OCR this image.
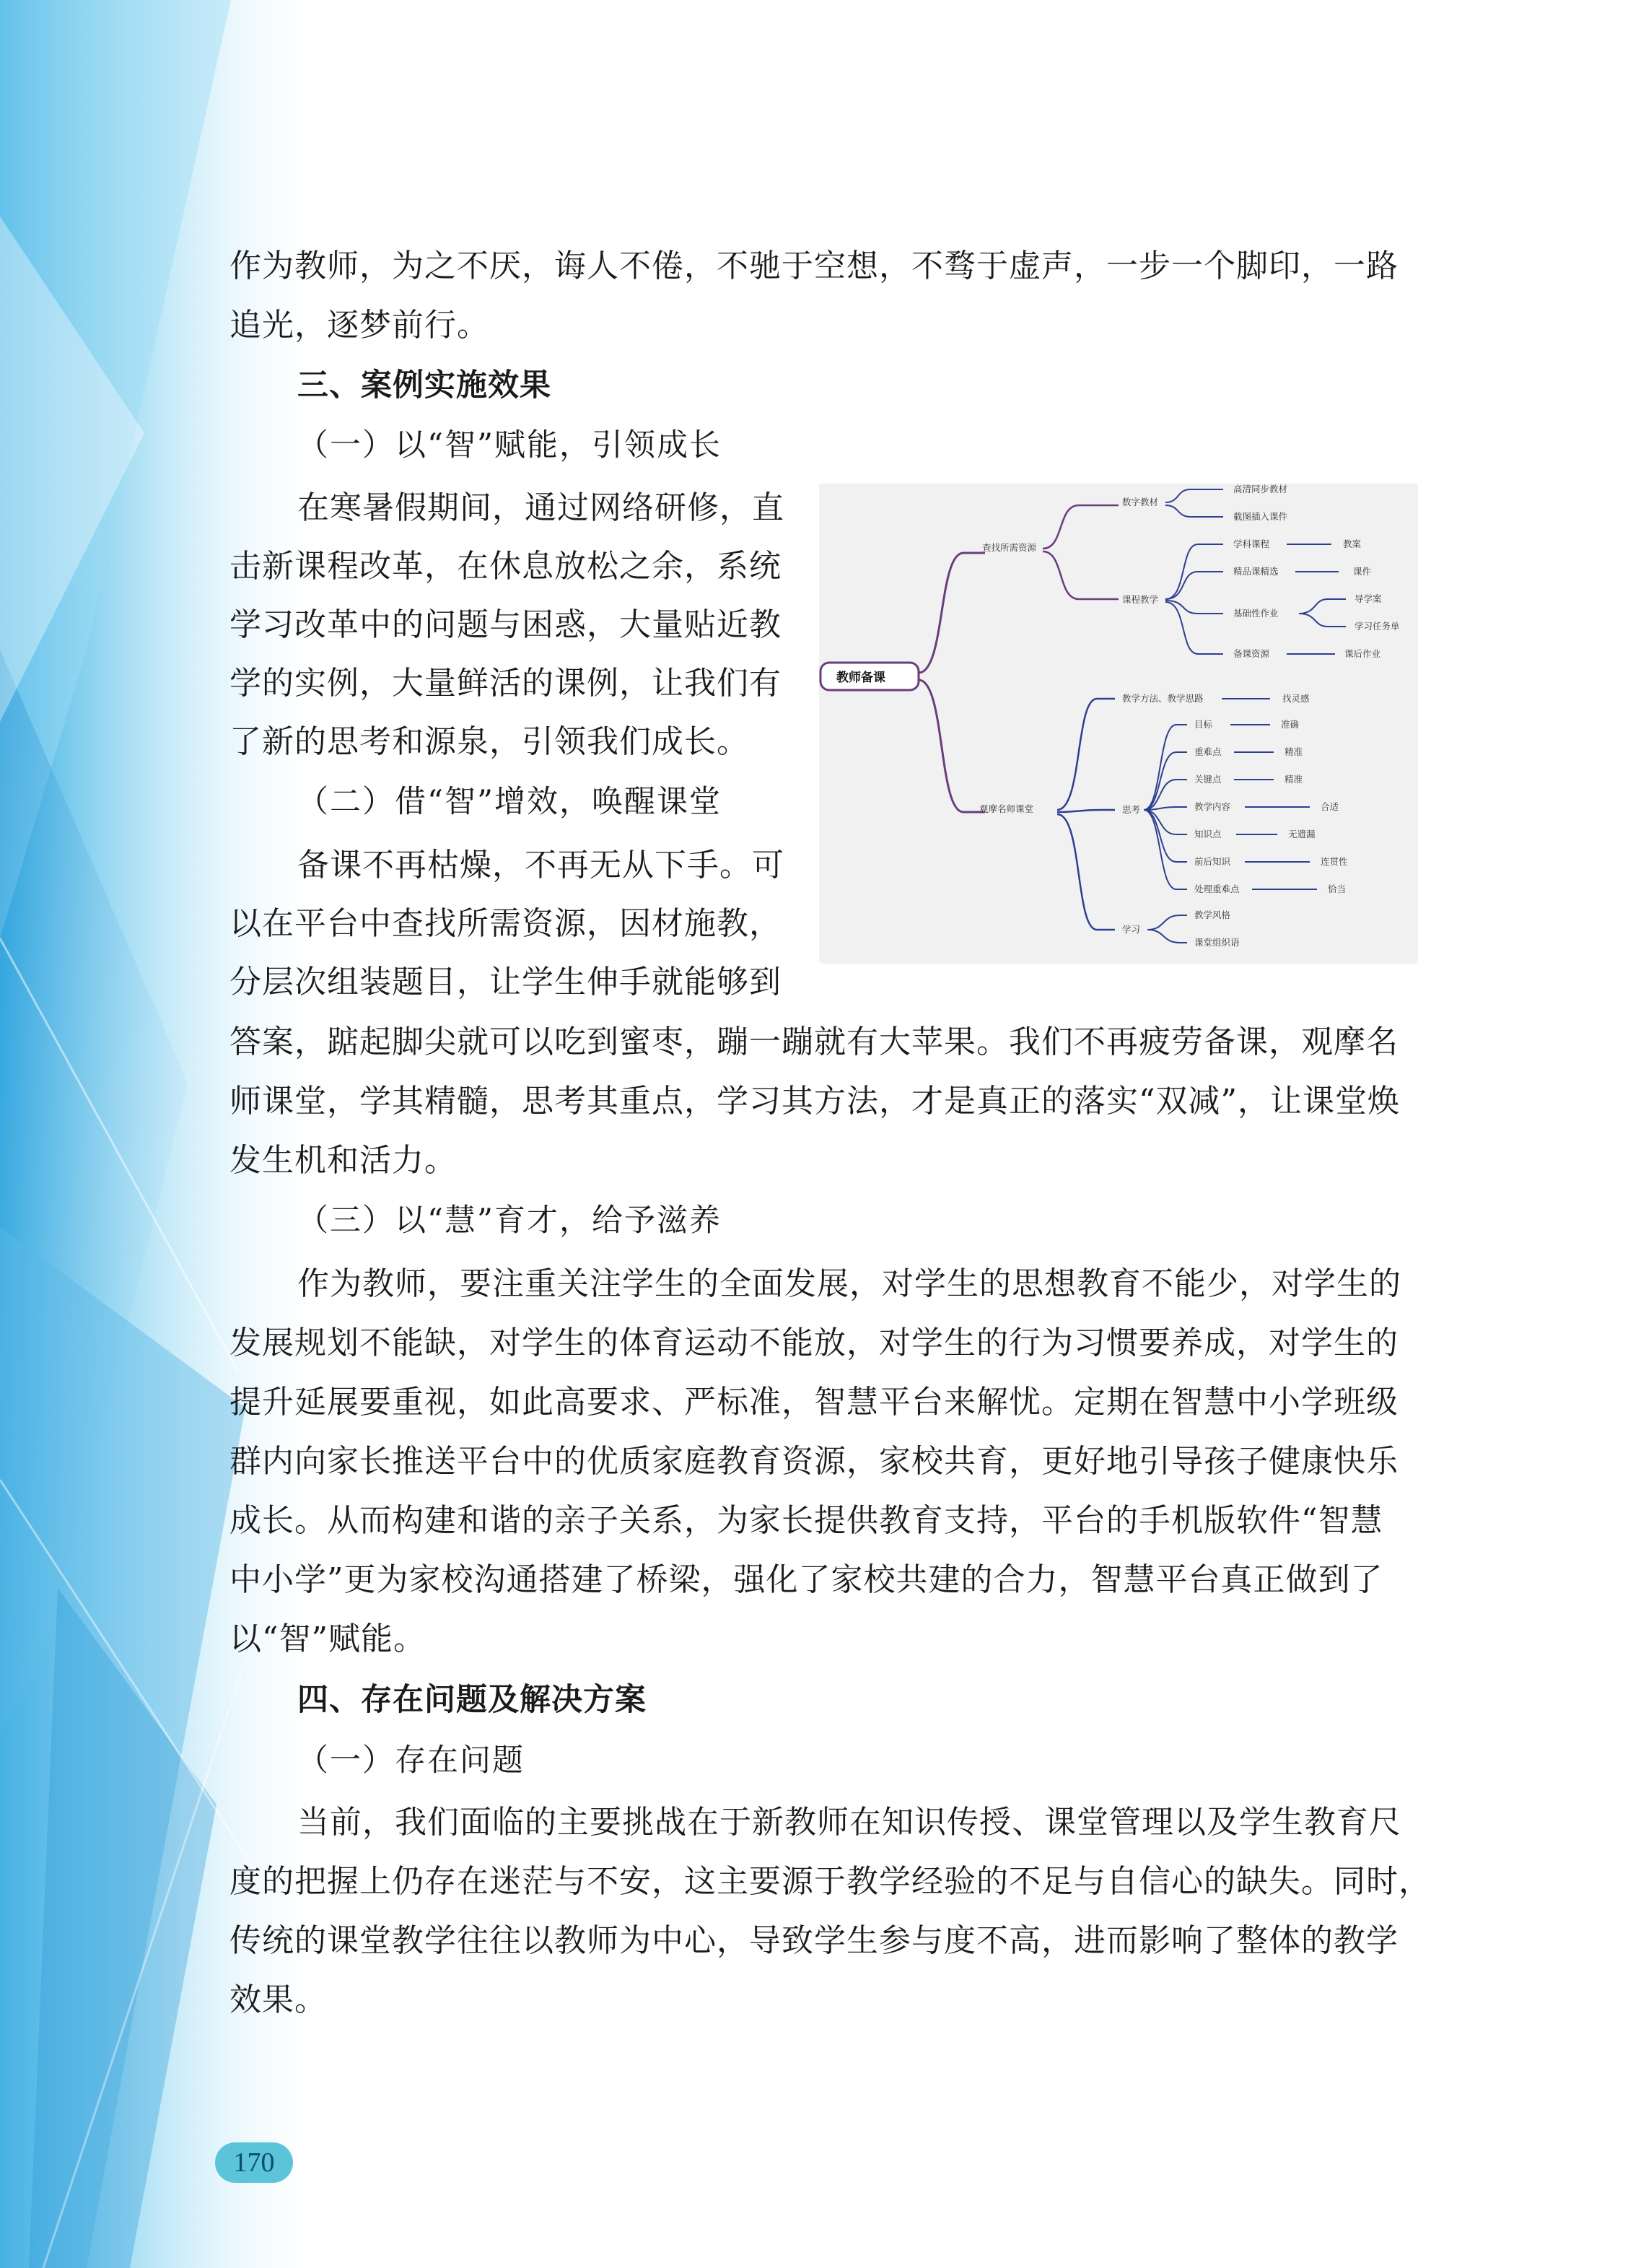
作为教师，为之不厌，诲人不倦，不驰于空想，不骛于虚声，一步一个脚印，一路
追光，逐梦前行。
三、案例实施效果
（一）以“智”赋能，引领成长
在寒暑假期间，通过网络研修，直
击新课程改革，在休息放松之余，系统
学习改革中的问题与困惑，大量贴近教
学的实例，大量鲜活的课例，让我们有
了新的思考和源泉，引领我们成长。
（二）借“智”增效，唤醒课堂
备课不再枯燥，不再无从下手。可
以在平台中查找所需资源，因材施教，
分层次组装题目，让学生伸手就能够到
答案，踮起脚尖就可以吃到蜜枣，蹦一蹦就有大苹果。我们不再疲劳备课，观摩名
师课堂，学其精髓，思考其重点，学习其方法，才是真正的落实“双减”，让课堂焕
发生机和活力。
（三）以“慧”育才，给予滋养
作为教师，要注重关注学生的全面发展，对学生的思想教育不能少，对学生的
发展规划不能缺，对学生的体育运动不能放，对学生的行为习惯要养成，对学生的
提升延展要重视，如此高要求、严标准，智慧平台来解忧。定期在智慧中小学班级
群内向家长推送平台中的优质家庭教育资源，家校共育，更好地引导孩子健康快乐
成长。从而构建和谐的亲子关系，为家长提供教育支持，平台的手机版软件“智慧
中小学”更为家校沟通搭建了桥梁，强化了家校共建的合力，智慧平台真正做到了
以“智”赋能。
四、存在问题及解决方案
（一）存在问题
当前，我们面临的主要挑战在于新教师在知识传授、课堂管理以及学生教育尺
度的把握上仍存在迷茫与不安，这主要源于教学经验的不足与自信心的缺失。同时，
传统的课堂教学往往以教师为中心，导致学生参与度不高，进而影响了整体的教学
效果。
教师备课
查找所需资源
观摩名师课堂
数字教材
课程教学
高清同步教材
截图插入课件
学科课程	教案
精品课精选	课件
基础性作业
导学案
学习任务单
备课资源	课后作业
教学方法、教学思路	找灵感
思考
目标	准确
重难点	精准
关键点	精准
教学内容	合适
知识点	无遗漏
前后知识	连贯性
处理重难点	恰当
学习
教学风格
课堂组织语
170
